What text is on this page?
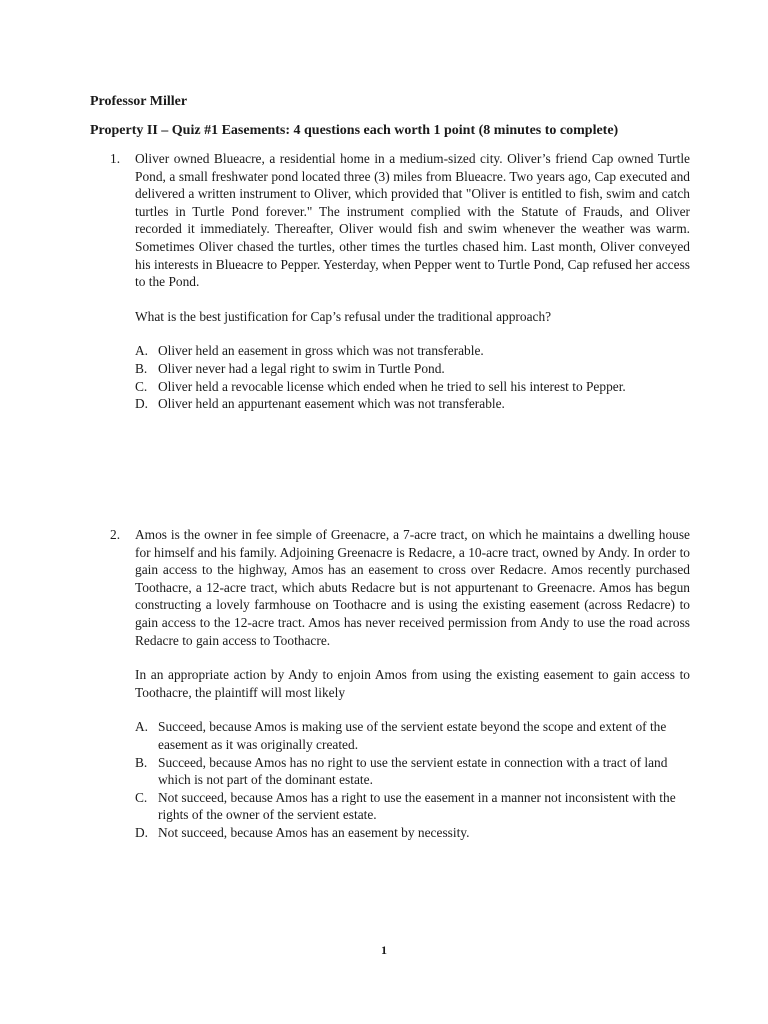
Professor Miller
Property II – Quiz #1 Easements: 4 questions each worth 1 point (8 minutes to complete)
1. Oliver owned Blueacre, a residential home in a medium-sized city. Oliver’s friend Cap owned Turtle Pond, a small freshwater pond located three (3) miles from Blueacre. Two years ago, Cap executed and delivered a written instrument to Oliver, which provided that "Oliver is entitled to fish, swim and catch turtles in Turtle Pond forever." The instrument complied with the Statute of Frauds, and Oliver recorded it immediately. Thereafter, Oliver would fish and swim whenever the weather was warm. Sometimes Oliver chased the turtles, other times the turtles chased him. Last month, Oliver conveyed his interests in Blueacre to Pepper. Yesterday, when Pepper went to Turtle Pond, Cap refused her access to the Pond.

What is the best justification for Cap’s refusal under the traditional approach?

A. Oliver held an easement in gross which was not transferable.
B. Oliver never had a legal right to swim in Turtle Pond.
C. Oliver held a revocable license which ended when he tried to sell his interest to Pepper.
D. Oliver held an appurtenant easement which was not transferable.
2. Amos is the owner in fee simple of Greenacre, a 7-acre tract, on which he maintains a dwelling house for himself and his family. Adjoining Greenacre is Redacre, a 10-acre tract, owned by Andy. In order to gain access to the highway, Amos has an easement to cross over Redacre. Amos recently purchased Toothacre, a 12-acre tract, which abuts Redacre but is not appurtenant to Greenacre. Amos has begun constructing a lovely farmhouse on Toothacre and is using the existing easement (across Redacre) to gain access to the 12-acre tract. Amos has never received permission from Andy to use the road across Redacre to gain access to Toothacre.

In an appropriate action by Andy to enjoin Amos from using the existing easement to gain access to Toothacre, the plaintiff will most likely

A. Succeed, because Amos is making use of the servient estate beyond the scope and extent of the easement as it was originally created.
B. Succeed, because Amos has no right to use the servient estate in connection with a tract of land which is not part of the dominant estate.
C. Not succeed, because Amos has a right to use the easement in a manner not inconsistent with the rights of the owner of the servient estate.
D. Not succeed, because Amos has an easement by necessity.
1
